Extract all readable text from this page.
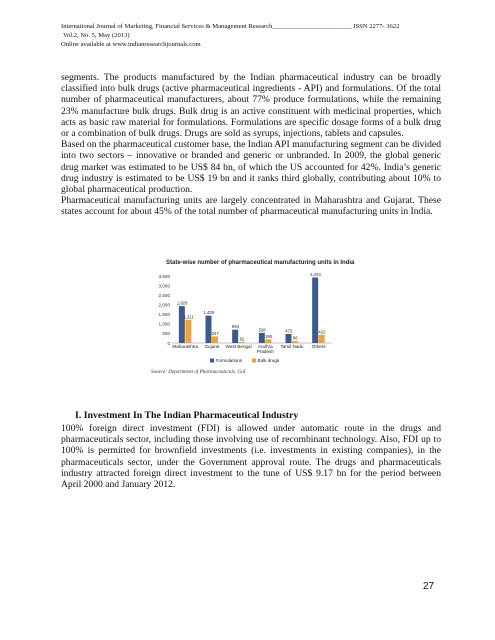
International Journal of Marketing, Financial Services & Management Research________________________ ISSN 2277- 3622
Vol.2, No. 5, May (2013)
Online available at www.indianresearchjournals.com

segments. The products manufactured by the Indian pharmaceutical industry can be broadly classified into bulk drugs (active pharmaceutical ingredients - API) and formulations. Of the total number of pharmaceutical manufacturers, about 77% produce formulations, while the remaining 23% manufacture bulk drugs. Bulk drug is an active constituent with medicinal properties, which acts as basic raw material for formulations. Formulations are specific dosage forms of a bulk drug or a combination of bulk drugs. Drugs are sold as syrups, injections, tablets and capsules.

Based on the pharmaceutical customer base, the Indian API manufacturing segment can be divided into two sectors – innovative or branded and generic or unbranded. In 2009, the global generic drug market was estimated to be US$ 84 bn, of which the US accounted for 42%. India’s generic drug industry is estimated to be US$ 19 bn and it ranks third globally, contributing about 10% to global pharmaceutical production.

Pharmaceutical manufacturing units are largely concentrated in Maharashtra and Gujarat. These states account for about 45% of the total number of pharmaceutical manufacturing units in India.

State-wise number of pharmaceutical manufacturing units in India
3,500
3,000
2,500
2,000
1,500
1,000
500
0
1,928
1,211
Maharashtra
1,429
347
Gujarat
694
62
West Bengal
528
190
Andhra
Pradesh
472
96
Tamil Nadu
3,423
422
Others
Formulations	Bulk drugs
Source: Department of Pharmaceuticals, GoI
I. Investment In The Indian Pharmaceutical Industry
100% foreign direct investment (FDI) is allowed under automatic route in the drugs and pharmaceuticals sector, including those involving use of recombinant technology. Also, FDI up to 100% is permitted for brownfield investments (i.e. investments in existing companies), in the pharmaceuticals sector, under the Government approval route. The drugs and pharmaceuticals industry attracted foreign direct investment to the tune of US$ 9.17 bn for the period between April 2000 and January 2012.
27
